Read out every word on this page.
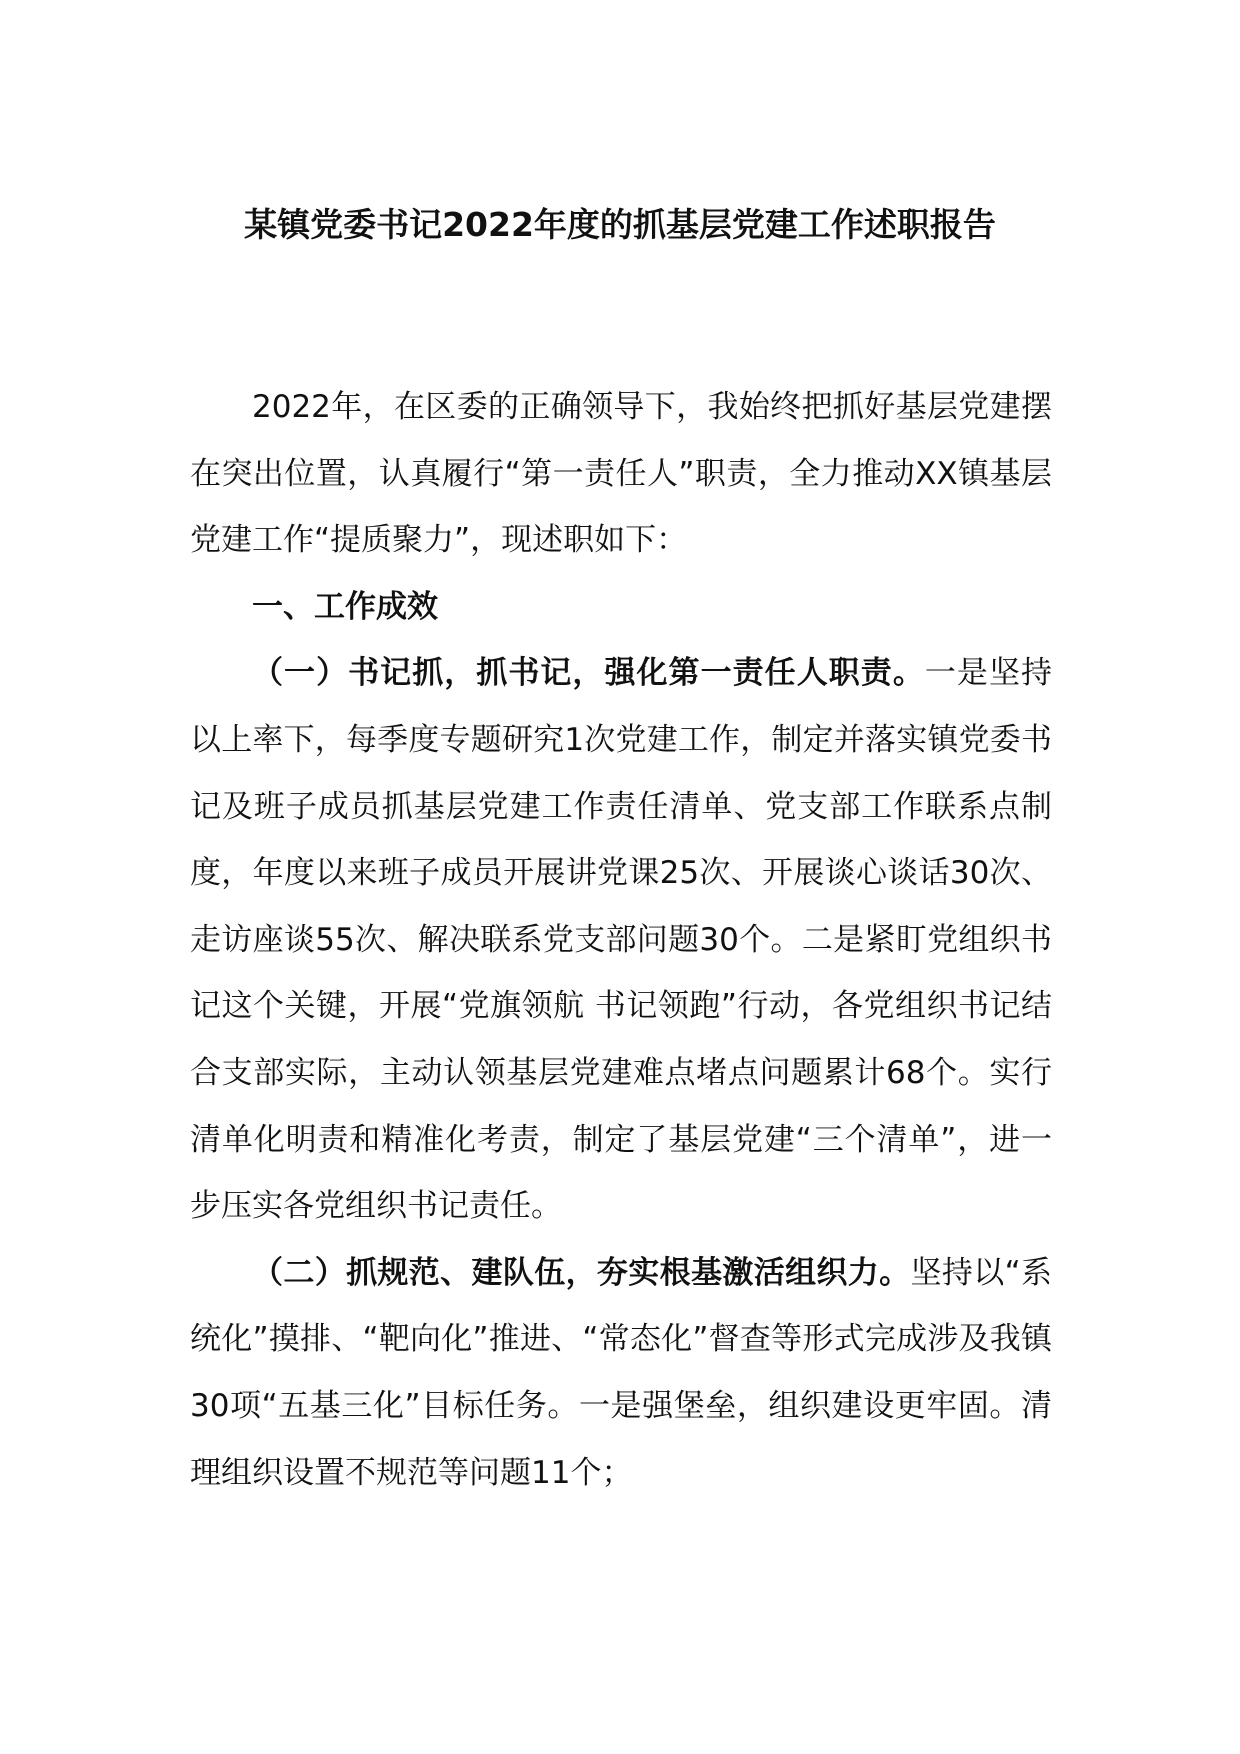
某镇党委书记2022年度的抓基层党建工作述职报告

2022年，在区委的正确领导下，我始终把抓好基层党建摆在突出位置，认真履行“第一责任人”职责，全力推动XX镇基层党建工作“提质聚力”，现述职如下：

一、工作成效

（一）书记抓，抓书记，强化第一责任人职责。一是坚持以上率下，每季度专题研究1次党建工作，制定并落实镇党委书记及班子成员抓基层党建工作责任清单、党支部工作联系点制度，年度以来班子成员开展讲党课25次、开展谈心谈话30次、走访座谈55次、解决联系党支部问题30个。二是紧盯党组织书记这个关键，开展“党旗领航 书记领跑”行动，各党组织书记结合支部实际，主动认领基层党建难点堵点问题累计68个。实行清单化明责和精准化考责，制定了基层党建“三个清单”，进一步压实各党组织书记责任。

（二）抓规范、建队伍，夯实根基激活组织力。坚持以“系统化”摸排、“靶向化”推进、“常态化”督查等形式完成涉及我镇30项“五基三化”目标任务。一是强堡垒，组织建设更牢固。清理组织设置不规范等问题11个；
